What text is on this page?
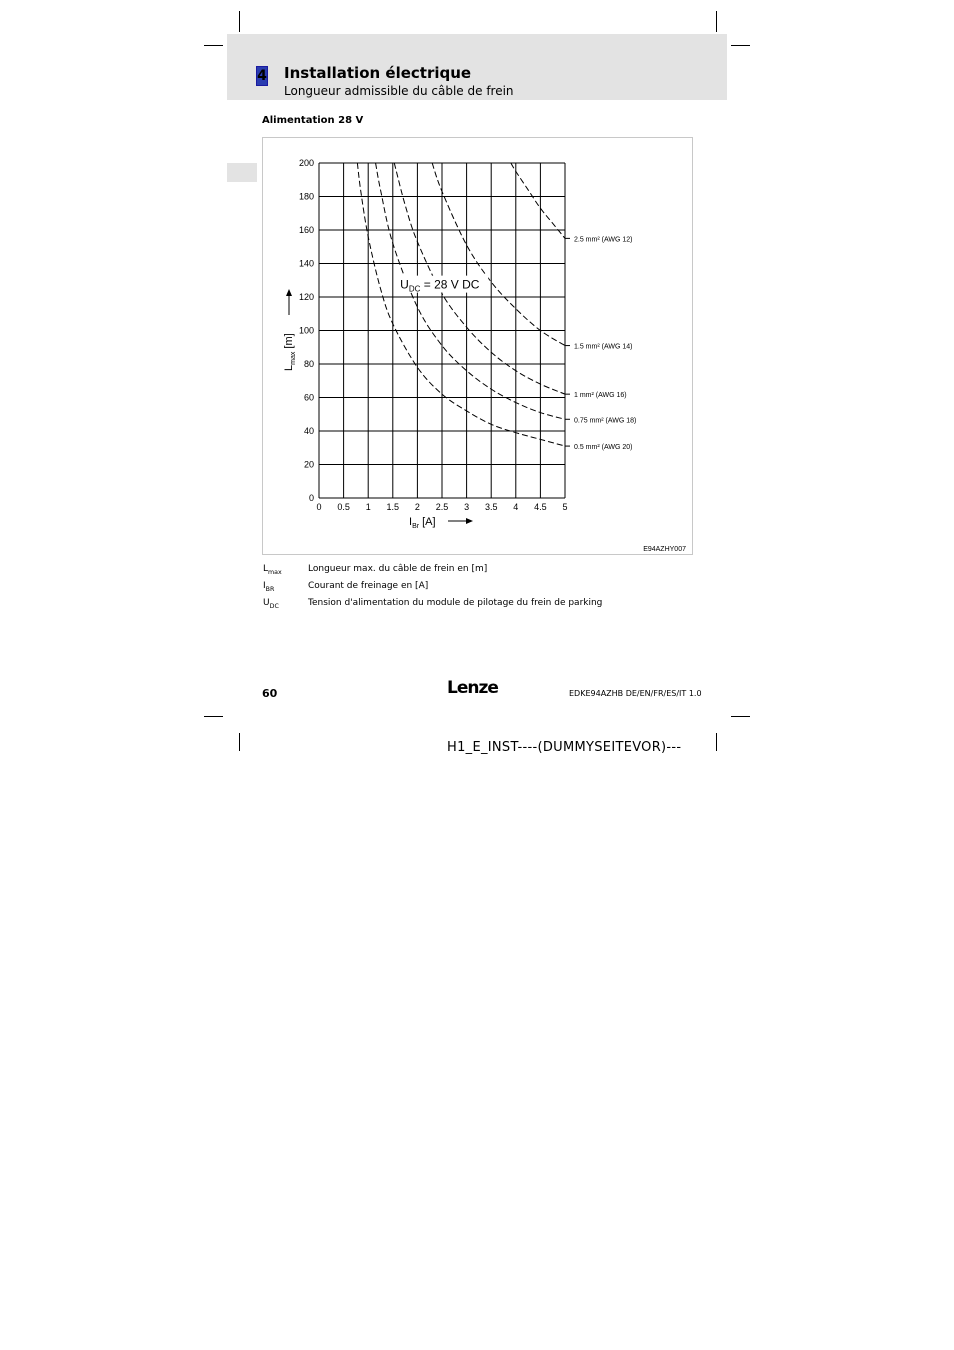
4 Installation électrique
Longueur admissible du câble de frein
Alimentation 28 V
0 0.5 1 1.5 2 2.5 3 3.5 4 4.5 5
0
20
40
60
80
100
120
140
160
180
200
0.5 mm² (AWG 20)
0.75 mm² (AWG 18)
1 mm² (AWG 16)
1.5 mm² (AWG 14)
2.5 mm² (AWG 12)
$U_{DC} = 28$ V DC
$I_{Br}$ [A]
$L_{max}$ [m]
E94AZHY007
$L_{max}$	Longueur max. du câble de frein en [m]
$I_{BR}$	Courant de freinage en [A]
$U_{DC}$	Tension d'alimentation du module de pilotage du frein de parking
60	Lenze	EDKE94AZHB DE/EN/FR/ES/IT 1.0
H1_E_INST----(DUMMYSEITEVOR)---
